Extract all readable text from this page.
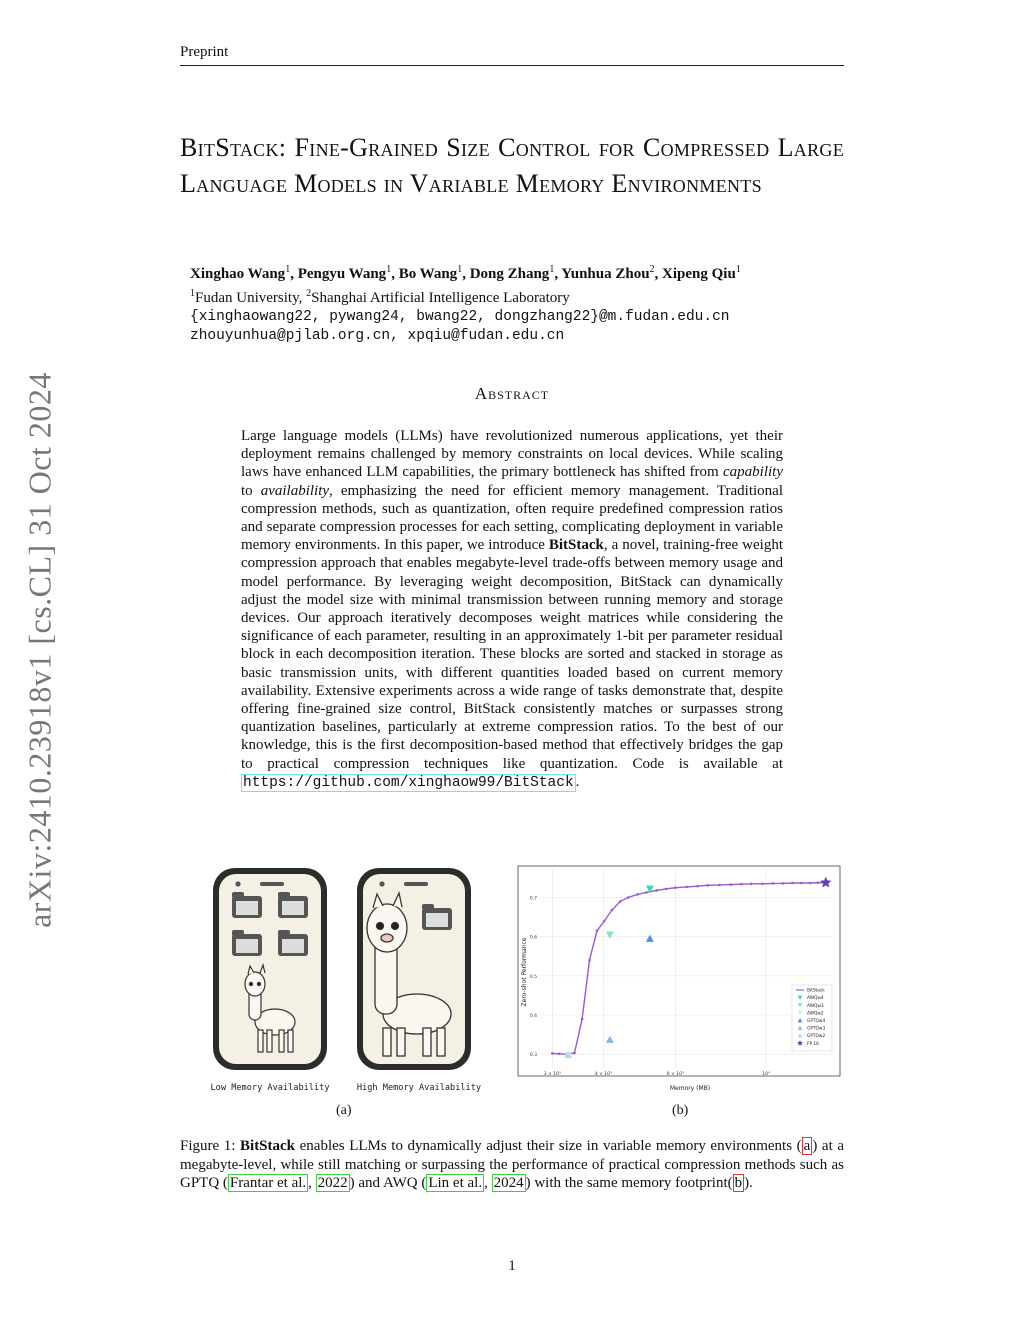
Preprint
BitStack: Fine-Grained Size Control for Compressed Large Language Models in Variable Memory Environments
Xinghao Wang$^1$, Pengyu Wang$^1$, Bo Wang$^1$, Dong Zhang$^1$, Yunhua Zhou$^2$, Xipeng Qiu$^1$
$^1$Fudan University, $^2$Shanghai Artificial Intelligence Laboratory
{xinghaowang22, pywang24, bwang22, dongzhang22}@m.fudan.edu.cn
zhouyunhua@pjlab.org.cn, xpqiu@fudan.edu.cn
arXiv:2410.23918v1 [cs.CL] 31 Oct 2024	Abstract
Large language models (LLMs) have revolutionized numerous applications, yet their deployment remains challenged by memory constraints on local devices. While scaling laws have enhanced LLM capabilities, the primary bottleneck has shifted from capability to availability, emphasizing the need for efficient memory management. Traditional compression methods, such as quantization, often require predefined compression ratios and separate compression processes for each setting, complicating deployment in variable memory environments. In this paper, we introduce BitStack, a novel, training-free weight compression approach that enables megabyte-level trade-offs between memory usage and model performance. By leveraging weight decomposition, BitStack can dynamically adjust the model size with minimal transmission between running memory and storage devices. Our approach iteratively decomposes weight matrices while considering the significance of each parameter, resulting in an approximately 1-bit per parameter residual block in each decomposition iteration. These blocks are sorted and stacked in storage as basic transmission units, with different quantities loaded based on current memory availability. Extensive experiments across a wide range of tasks demonstrate that, despite offering fine-grained size control, BitStack consistently matches or surpasses strong quantization baselines, particularly at extreme compression ratios. To the best of our knowledge, this is the first decomposition-based method that effectively bridges the gap to practical compression techniques like quantization. Code is available at https://github.com/xinghaow99/BitStack .
Low Memory Availability	High Memory Availability
(a)
0.3
0.4
0.5
0.6
0.7
3 × 10³	4 × 10³	6 × 10³	10⁴
Zero-shot Performance
Memory (MB)
BitStack
AWQw4
AWQw3
AWQw2
GPTQw4
GPTQw3
GPTQw2
FP 16
(b)
Figure 1: BitStack enables LLMs to dynamically adjust their size in variable memory environments ( a ) at a megabyte-level, while still matching or surpassing the performance of practical compression methods such as GPTQ ( Frantar et al. , 2022 ) and AWQ ( Lin et al. , 2024 ) with the same memory footprint( b ).
1
